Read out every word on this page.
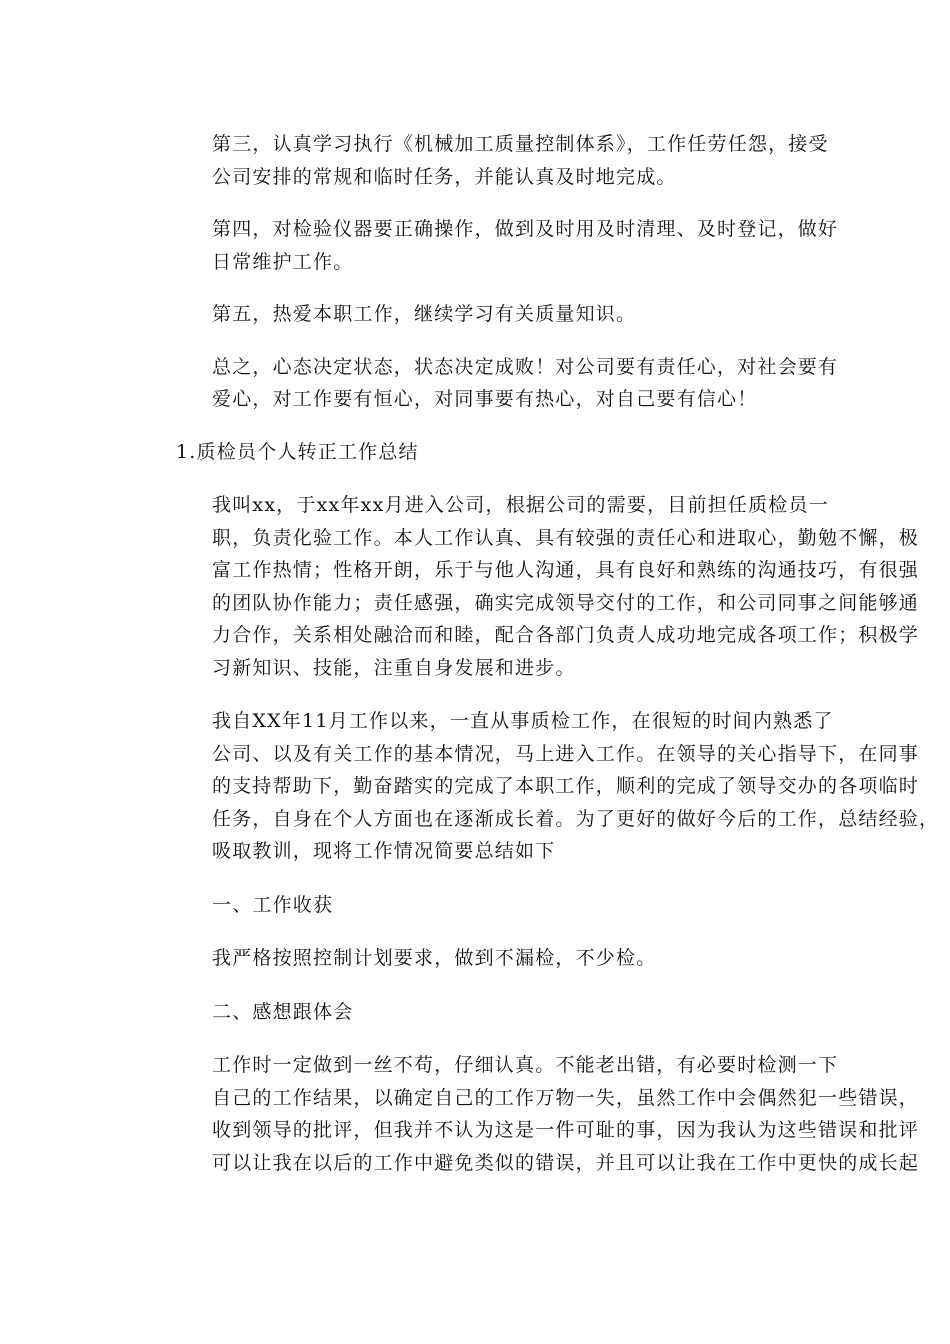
第三，认真学习执行《机械加工质量控制体系》，工作任劳任怨，接受
公司安排的常规和临时任务，并能认真及时地完成。

第四，对检验仪器要正确操作，做到及时用及时清理、及时登记，做好
日常维护工作。

第五，热爱本职工作，继续学习有关质量知识。

总之，心态决定状态，状态决定成败！对公司要有责任心，对社会要有
爱心，对工作要有恒心，对同事要有热心，对自己要有信心！

1.质检员个人转正工作总结

我叫xx，于xx年xx月进入公司，根据公司的需要，目前担任质检员一
职，负责化验工作。本人工作认真、具有较强的责任心和进取心，勤勉不懈，极
富工作热情；性格开朗，乐于与他人沟通，具有良好和熟练的沟通技巧，有很强
的团队协作能力；责任感强，确实完成领导交付的工作，和公司同事之间能够通
力合作，关系相处融洽而和睦，配合各部门负责人成功地完成各项工作；积极学
习新知识、技能，注重自身发展和进步。

我自XX年11月工作以来，一直从事质检工作，在很短的时间内熟悉了
公司、以及有关工作的基本情况，马上进入工作。在领导的关心指导下，在同事
的支持帮助下，勤奋踏实的完成了本职工作，顺利的完成了领导交办的各项临时
任务，自身在个人方面也在逐渐成长着。为了更好的做好今后的工作，总结经验，
吸取教训，现将工作情况简要总结如下

一、工作收获

我严格按照控制计划要求，做到不漏检，不少检。

二、感想跟体会

工作时一定做到一丝不苟，仔细认真。不能老出错，有必要时检测一下
自己的工作结果，以确定自己的工作万物一失，虽然工作中会偶然犯一些错误，
收到领导的批评，但我并不认为这是一件可耻的事，因为我认为这些错误和批评
可以让我在以后的工作中避免类似的错误，并且可以让我在工作中更快的成长起
